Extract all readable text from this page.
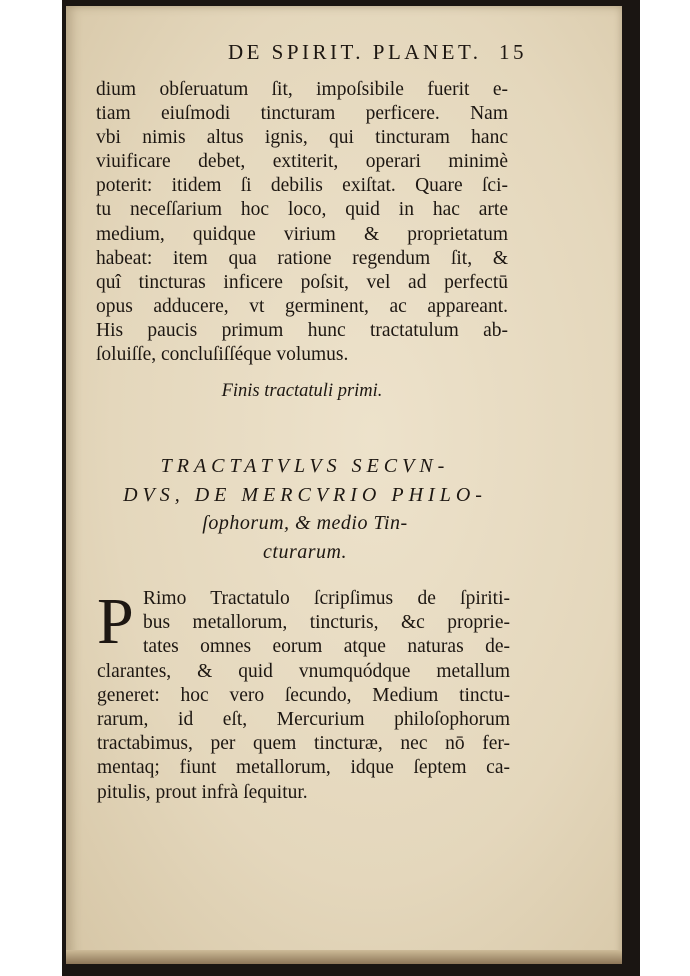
DE SPIRIT. PLANET. 15
dium obſeruatum ſit, impoſsibile fuerit e-
tiam eiuſmodi tincturam perficere. Nam
vbi nimis altus ignis, qui tincturam hanc
viuificare debet, extiterit, operari minimè
poterit: itidem ſi debilis exiſtat. Quare ſci-
tu neceſſarium hoc loco, quid in hac arte
medium, quidque virium & proprietatum
habeat: item qua ratione regendum ſit, &
quî tincturas inficere poſsit, vel ad perfectū
opus adducere, vt germinent, ac appareant.
His paucis primum hunc tractatulum ab-
ſoluiſſe, concluſiſſéque volumus.
Finis tractatuli primi.
TRACTATVLVS SECVN-
DVS, DE MERCVRIO PHILO-
ſophorum, & medio Tin-
cturarum.
P Rimo Tractatulo ſcripſimus de ſpiriti-
bus metallorum, tincturis, &c proprie-
tates omnes eorum atque naturas de-
clarantes, & quid vnumquódque metallum
generet: hoc vero ſecundo, Medium tinctu-
rarum, id eſt, Mercurium philoſophorum
tractabimus, per quem tincturæ, nec nō fer-
mentaq; fiunt metallorum, idque ſeptem ca-
pitulis, prout infrà ſequitur.
